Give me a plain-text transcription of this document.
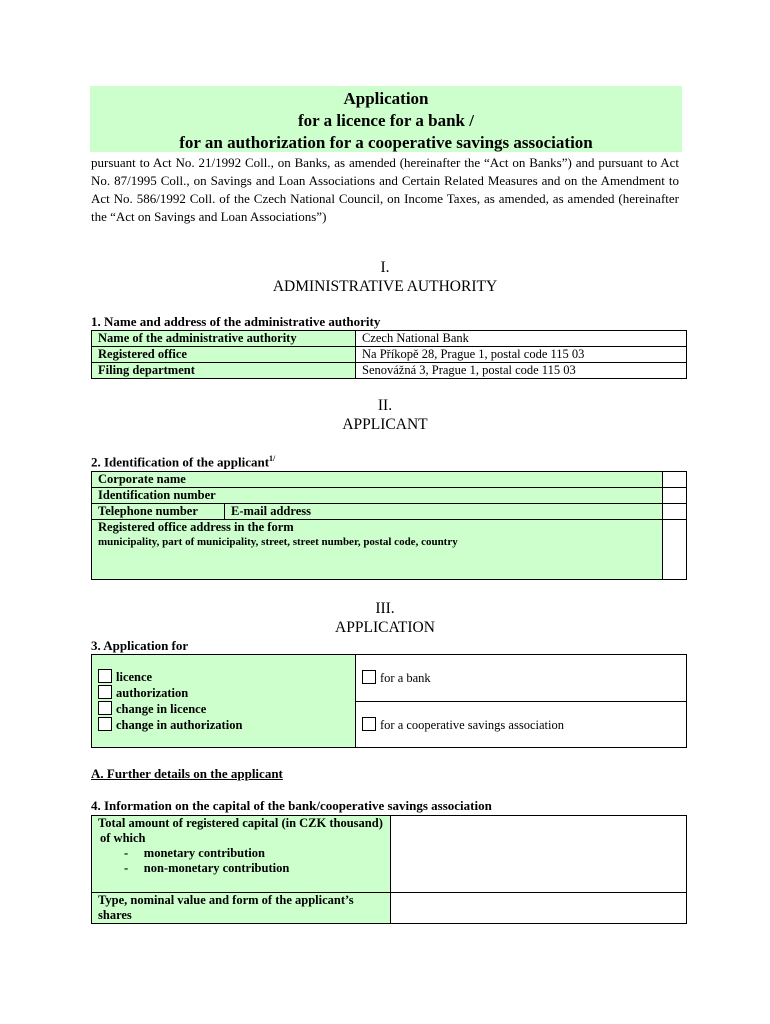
Application
for a licence for a bank /
for an authorization for a cooperative savings association
pursuant to Act No. 21/1992 Coll., on Banks, as amended (hereinafter the “Act on Banks”) and pursuant to Act No. 87/1995 Coll., on Savings and Loan Associations and Certain Related Measures and on the Amendment to Act No. 586/1992 Coll. of the Czech National Council, on Income Taxes, as amended, as amended (hereinafter the “Act on Savings and Loan Associations”)
I.
ADMINISTRATIVE AUTHORITY
1. Name and address of the administrative authority
Name of the administrative authority	Czech National Bank
Registered office	Na Příkopě 28, Prague 1, postal code 115 03
Filing department	Senovážná 3, Prague 1, postal code 115 03
II.
APPLICANT
2. Identification of the applicant$^{1/}$
Corporate name		
Identification number		
Telephone number	E-mail address	

Registered office address in the form
municipality, part of municipality, street, street number, postal code, country		

III.
APPLICATION
3. Application for
licence
authorization
change in licence
change in authorization
	for a bank
for a cooperative savings association
A. Further details on the applicant
4. Information on the capital of the bank/cooperative savings association
Total amount of registered capital (in CZK thousand)
of which
-     monetary contribution
-     non-monetary contribution	

Type, nominal value and form of the applicant’s shares	
